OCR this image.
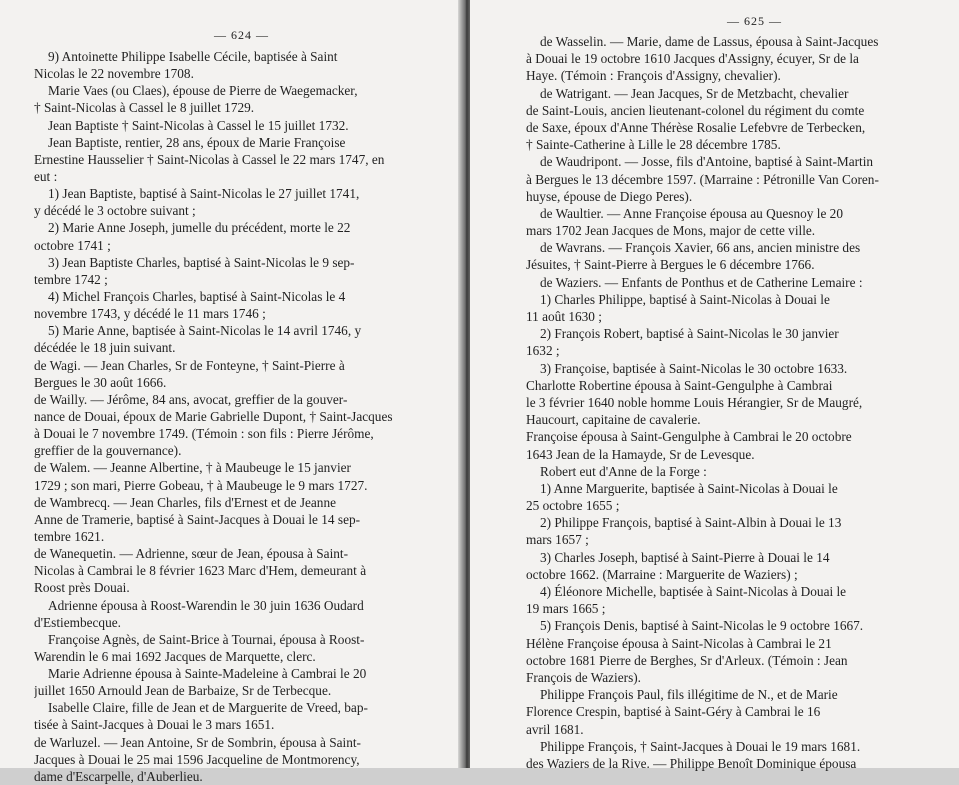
— 624 —
9) Antoinette Philippe Isabelle Cécile, baptisée à Saint
Nicolas le 22 novembre 1708.
Marie Vaes (ou Claes), épouse de Pierre de Waegemacker,
† Saint-Nicolas à Cassel le 8 juillet 1729.
Jean Baptiste † Saint-Nicolas à Cassel le 15 juillet 1732.
Jean Baptiste, rentier, 28 ans, époux de Marie Françoise
Ernestine Hausselier † Saint-Nicolas à Cassel le 22 mars 1747, en
eut :
1) Jean Baptiste, baptisé à Saint-Nicolas le 27 juillet 1741,
y décédé le 3 octobre suivant ;
2) Marie Anne Joseph, jumelle du précédent, morte le 22
octobre 1741 ;
3) Jean Baptiste Charles, baptisé à Saint-Nicolas le 9 sep-
tembre 1742 ;
4) Michel François Charles, baptisé à Saint-Nicolas le 4
novembre 1743, y décédé le 11 mars 1746 ;
5) Marie Anne, baptisée à Saint-Nicolas le 14 avril 1746, y
décédée le 18 juin suivant.
de Wagi. — Jean Charles, Sr de Fonteyne, † Saint-Pierre à
Bergues le 30 août 1666.
de Wailly. — Jérôme, 84 ans, avocat, greffier de la gouver-
nance de Douai, époux de Marie Gabrielle Dupont, † Saint-Jacques
à Douai le 7 novembre 1749. (Témoin : son fils : Pierre Jérôme,
greffier de la gouvernance).
de Walem. — Jeanne Albertine, † à Maubeuge le 15 janvier
1729 ; son mari, Pierre Gobeau, † à Maubeuge le 9 mars 1727.
de Wambrecq. — Jean Charles, fils d'Ernest et de Jeanne
Anne de Tramerie, baptisé à Saint-Jacques à Douai le 14 sep-
tembre 1621.
de Wanequetin. — Adrienne, sœur de Jean, épousa à Saint-
Nicolas à Cambrai le 8 février 1623 Marc d'Hem, demeurant à
Roost près Douai.
Adrienne épousa à Roost-Warendin le 30 juin 1636 Oudard
d'Estiembecque.
Françoise Agnès, de Saint-Brice à Tournai, épousa à Roost-
Warendin le 6 mai 1692 Jacques de Marquette, clerc.
Marie Adrienne épousa à Sainte-Madeleine à Cambrai le 20
juillet 1650 Arnould Jean de Barbaize, Sr de Terbecque.
Isabelle Claire, fille de Jean et de Marguerite de Vreed, bap-
tisée à Saint-Jacques à Douai le 3 mars 1651.
de Warluzel. — Jean Antoine, Sr de Sombrin, épousa à Saint-
Jacques à Douai le 25 mai 1596 Jacqueline de Montmorency,
dame d'Escarpelle, d'Auberlieu.
— 625 —
de Wasselin. — Marie, dame de Lassus, épousa à Saint-Jacques
à Douai le 19 octobre 1610 Jacques d'Assigny, écuyer, Sr de la
Haye. (Témoin : François d'Assigny, chevalier).
de Watrigant. — Jean Jacques, Sr de Metzbacht, chevalier
de Saint-Louis, ancien lieutenant-colonel du régiment du comte
de Saxe, époux d'Anne Thérèse Rosalie Lefebvre de Terbecken,
† Sainte-Catherine à Lille le 28 décembre 1785.
de Waudripont. — Josse, fils d'Antoine, baptisé à Saint-Martin
à Bergues le 13 décembre 1597. (Marraine : Pétronille Van Coren-
huyse, épouse de Diego Peres).
de Waultier. — Anne Françoise épousa au Quesnoy le 20
mars 1702 Jean Jacques de Mons, major de cette ville.
de Wavrans. — François Xavier, 66 ans, ancien ministre des
Jésuites, † Saint-Pierre à Bergues le 6 décembre 1766.
de Waziers. — Enfants de Ponthus et de Catherine Lemaire :
1) Charles Philippe, baptisé à Saint-Nicolas à Douai le
11 août 1630 ;
2) François Robert, baptisé à Saint-Nicolas le 30 janvier
1632 ;
3) Françoise, baptisée à Saint-Nicolas le 30 octobre 1633.
Charlotte Robertine épousa à Saint-Gengulphe à Cambrai
le 3 février 1640 noble homme Louis Hérangier, Sr de Maugré,
Haucourt, capitaine de cavalerie.
Françoise épousa à Saint-Gengulphe à Cambrai le 20 octobre
1643 Jean de la Hamayde, Sr de Levesque.
Robert eut d'Anne de la Forge :
1) Anne Marguerite, baptisée à Saint-Nicolas à Douai le
25 octobre 1655 ;
2) Philippe François, baptisé à Saint-Albin à Douai le 13
mars 1657 ;
3) Charles Joseph, baptisé à Saint-Pierre à Douai le 14
octobre 1662. (Marraine : Marguerite de Waziers) ;
4) Éléonore Michelle, baptisée à Saint-Nicolas à Douai le
19 mars 1665 ;
5) François Denis, baptisé à Saint-Nicolas le 9 octobre 1667.
Hélène Françoise épousa à Saint-Nicolas à Cambrai le 21
octobre 1681 Pierre de Berghes, Sr d'Arleux. (Témoin : Jean
François de Waziers).
Philippe François Paul, fils illégitime de N., et de Marie
Florence Crespin, baptisé à Saint-Géry à Cambrai le 16
avril 1681.
Philippe François, † Saint-Jacques à Douai le 19 mars 1681.
des Waziers de la Rive. — Philippe Benoît Dominique épousa
